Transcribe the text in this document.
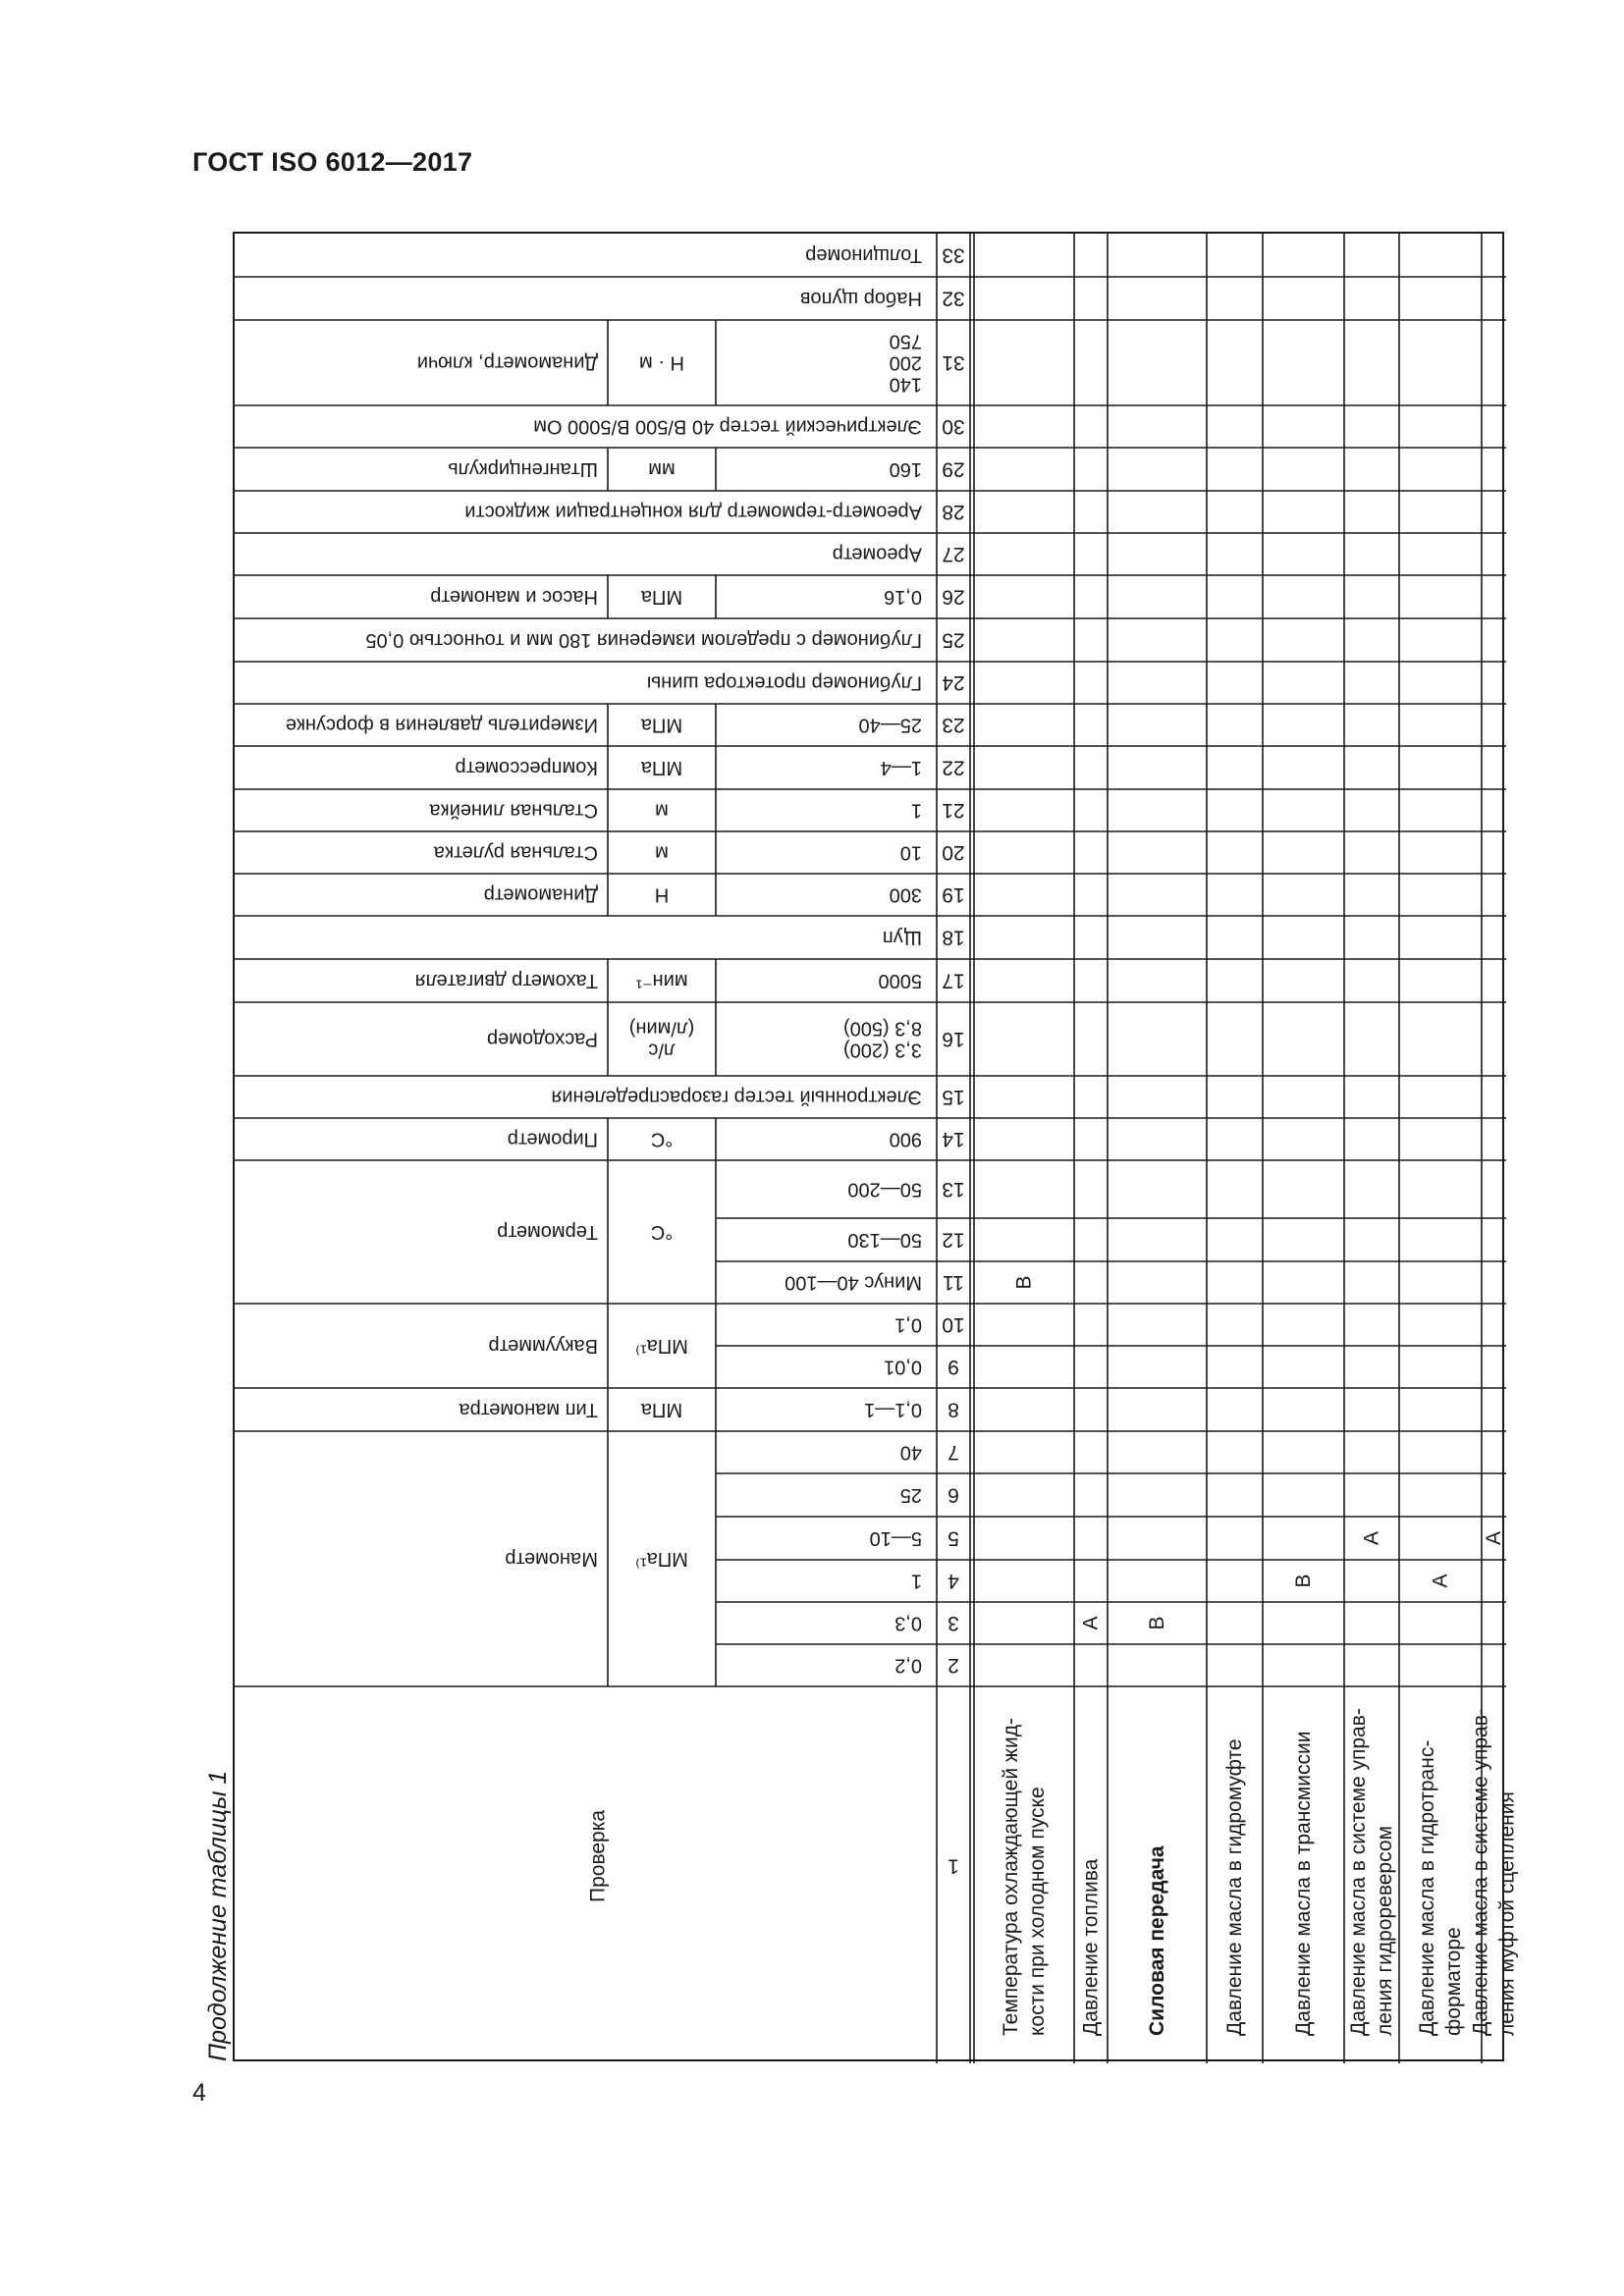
ГОСТ ISO 6012—2017
Продолжение таблицы 1
4
2
0,2
3
0,3
4
1
5
5—10
6
25
7
40
8
0,1—1
МПа
Тип манометра
9
0,01
10
0,1
11
Минус 40—100
12
50—130
13
50—200
14
900
°С
Пирометр
15
Электронный тестер газораспределения
16
3,3 (200)
8,3 (500)
л/с
(л/мин)
Расходомер
17
5000
мин⁻¹
Тахометр двигателя
18
Щуп
19
300
Н
Динамометр
20
10
м
Стальная рулетка
21
1
м
Стальная линейка
22
1—4
МПа
Компрессометр
23
25—40
МПа
Измеритель давления в форсунке
24
Глубиномер протектора шины
25
Глубиномер с пределом измерения 180 мм и точностью 0,05
26
0,16
МПа
Насос и манометр
27
Ареометр
28
Ареометр-термометр для концентрации жидкости
29
160
мм
Штангенциркуль
30
Электрический тестер 40 В/500 В/5000 Ом
31
140
200
750
Н · м
Динамометр, ключи
32
Набор щупов
33
Толщиномер
МПа¹⁾
Манометр
МПа¹⁾
Вакуумметр
°С
Термометр
1
Проверка	Температура охлаждающей жид- кости при холодном пуске
B
Давление топлива
A
Силовая передача
B
Давление масла в гидромуфте Давление масла в трансмиссии
B
Давление масла в системе управ- ления гидрореверсом
A
Давление масла в гидротранс- форматоре
A
Давление масла в системе управ- ления муфтой сцепления
A
